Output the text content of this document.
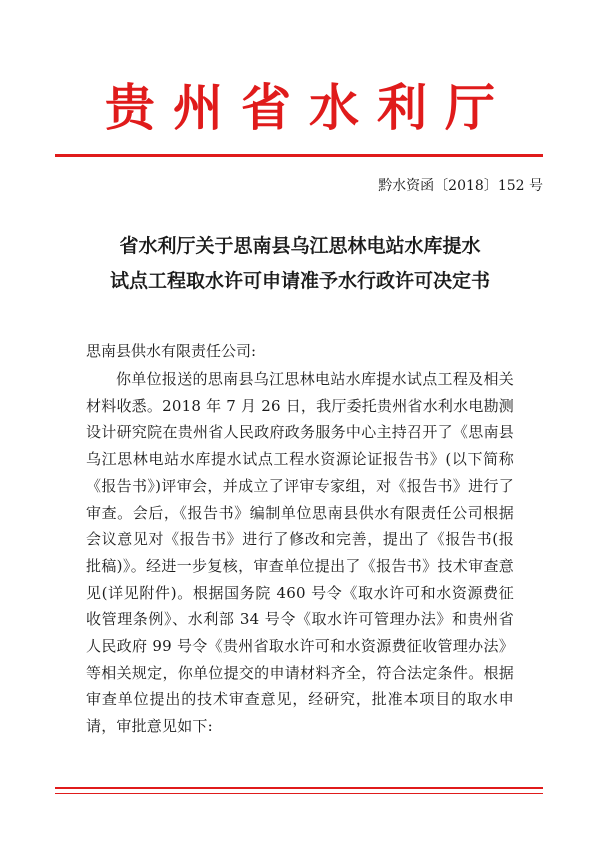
贵州省水利厅
黔水资函〔2018〕152 号
省水利厅关于思南县乌江思林电站水库提水
试点工程取水许可申请准予水行政许可决定书
思南县供水有限责任公司:
你单位报送的思南县乌江思林电站水库提水试点工程及相关材料收悉。2018 年 7 月 26 日，我厅委托贵州省水利水电勘测设计研究院在贵州省人民政府政务服务中心主持召开了《思南县乌江思林电站水库提水试点工程水资源论证报告书》(以下简称《报告书》)评审会，并成立了评审专家组，对《报告书》进行了审查。会后，《报告书》编制单位思南县供水有限责任公司根据会议意见对《报告书》进行了修改和完善，提出了《报告书(报批稿)》。经进一步复核，审查单位提出了《报告书》技术审查意见(详见附件)。根据国务院 460 号令《取水许可和水资源费征收管理条例》、水利部 34 号令《取水许可管理办法》和贵州省人民政府 99 号令《贵州省取水许可和水资源费征收管理办法》等相关规定，你单位提交的申请材料齐全，符合法定条件。根据审查单位提出的技术审查意见，经研究，批准本项目的取水申请，审批意见如下:
